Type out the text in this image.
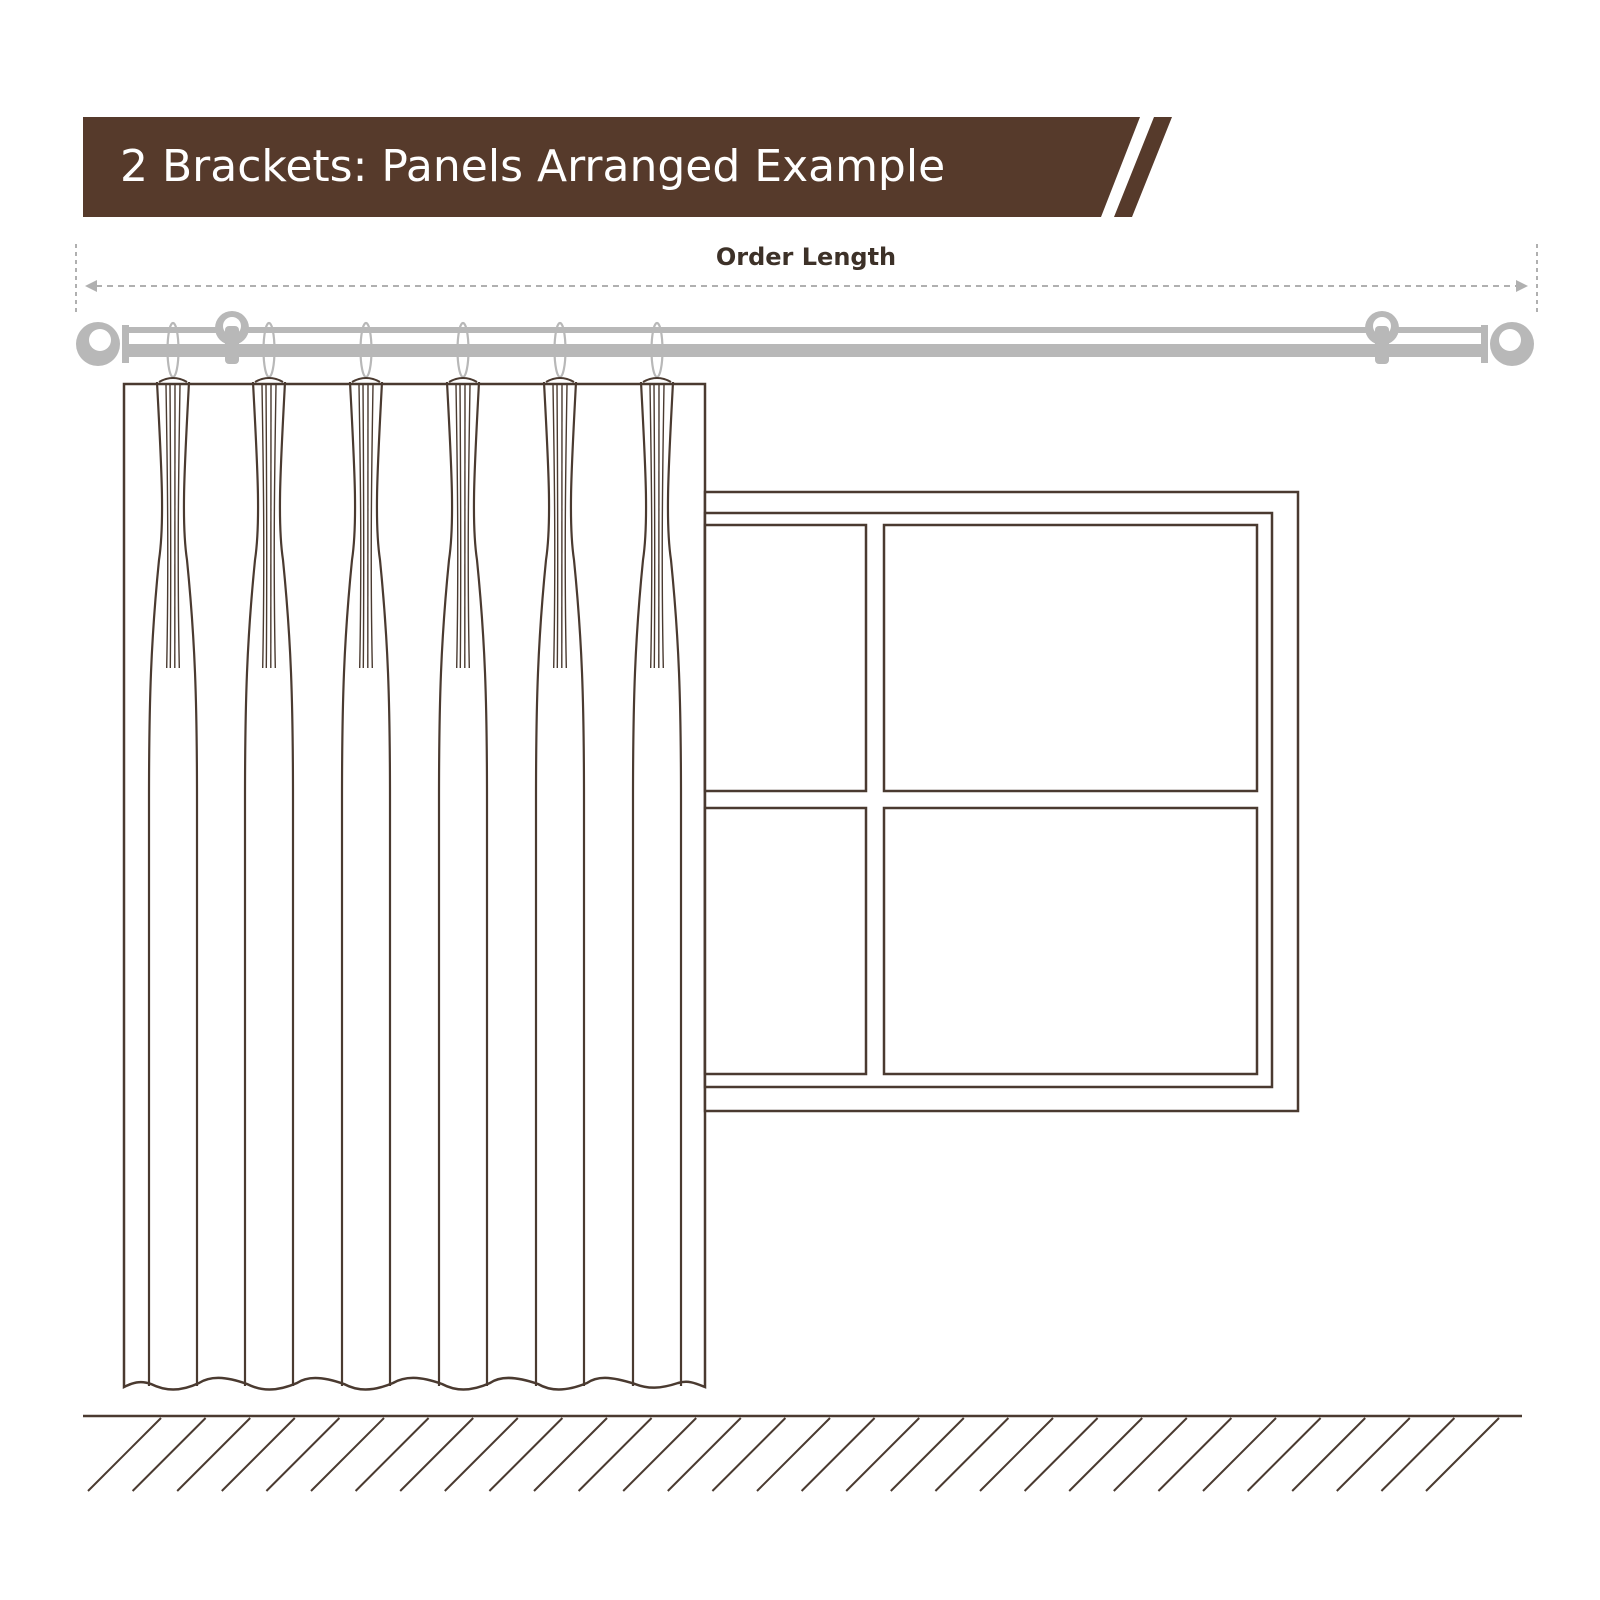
2 Brackets: Panels Arranged Example
Order Length
